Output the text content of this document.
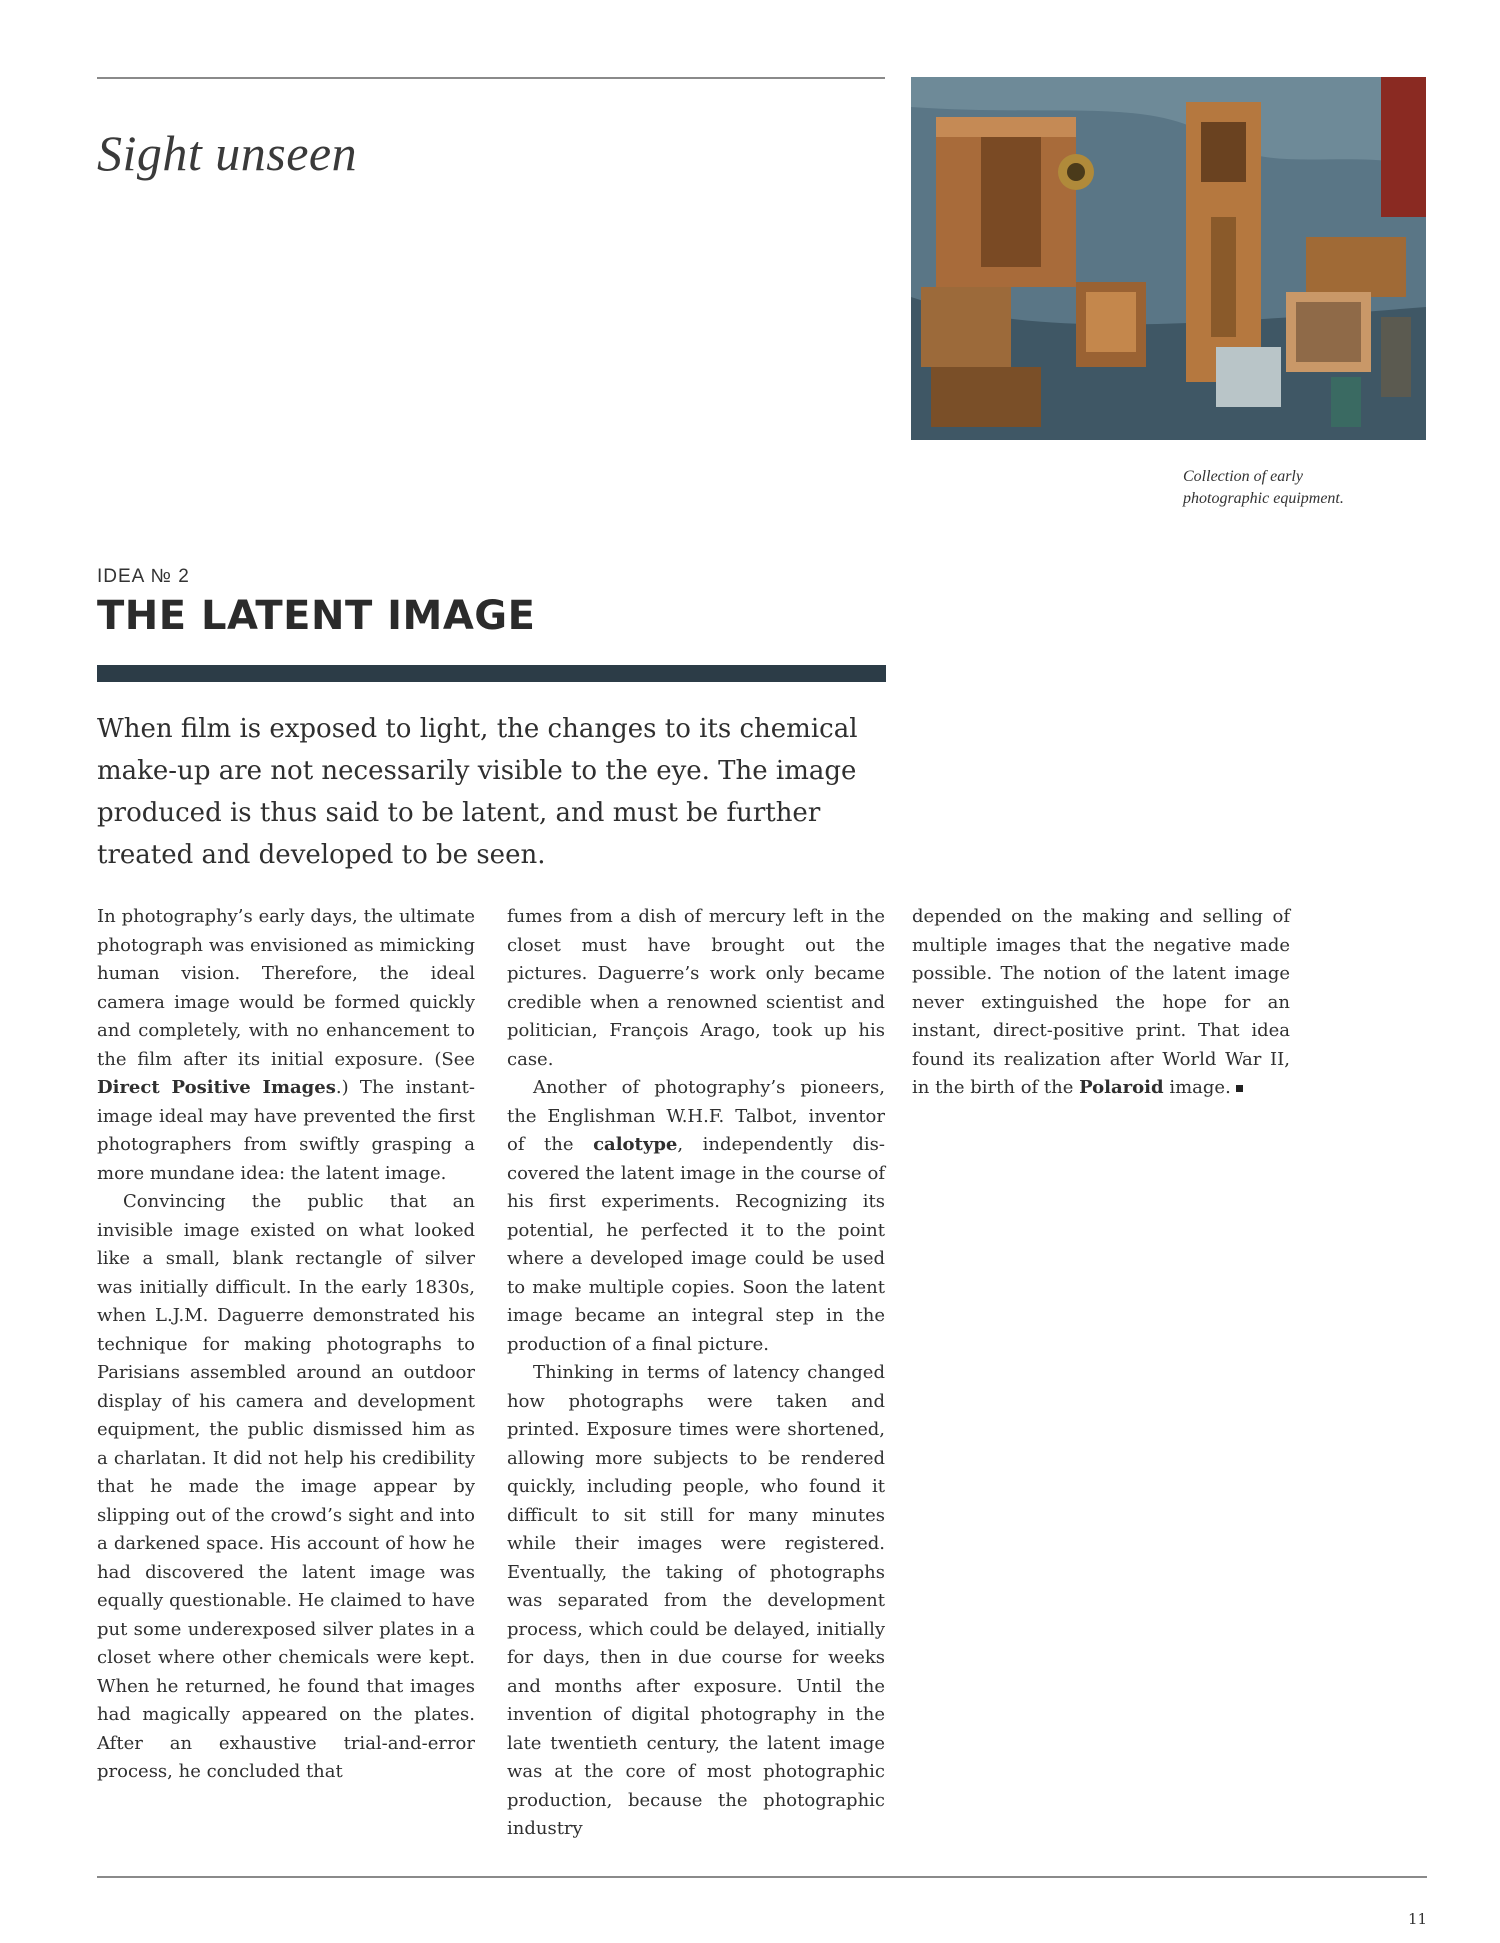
Sight unseen

Collection of early
photographic equipment.

IDEA № 2

THE LATENT IMAGE

When film is exposed to light, the changes to its chemical make-up are not necessarily visible to the eye. The image produced is thus said to be latent, and must be further treated and developed to be seen.

In photography’s early days, the ultimate photograph was envisioned as mimicking human vision. Therefore, the ideal camera image would be formed quickly and completely, with no enhancement to the film after its initial exposure. (See Direct Positive Images.) The instant-image ideal may have prevented the first photographers from swiftly grasping a more mundane idea: the latent image.

Convincing the public that an invisible image existed on what looked like a small, blank rectangle of silver was initially difficult. In the early 1830s, when L.J.M. Daguerre demonstrated his technique for making photographs to Parisians assembled around an outdoor display of his camera and development equipment, the public dismissed him as a charlatan. It did not help his credibility that he made the image appear by slipping out of the crowd’s sight and into a darkened space. His account of how he had discovered the latent image was equally questionable. He claimed to have put some underexposed silver plates in a closet where other chemicals were kept. When he returned, he found that images had magically appeared on the plates. After an exhaustive trial-and-error process, he concluded that

fumes from a dish of mercury left in the closet must have brought out the pictures. Daguerre’s work only became credible when a renowned scientist and politician, François Arago, took up his case.

Another of photography’s pioneers, the Englishman W.H.F. Talbot, inventor of the calotype, independently discovered the latent image in the course of his first experiments. Recognizing its potential, he perfected it to the point where a developed image could be used to make multiple copies. Soon the latent image became an integral step in the production of a final picture.

Thinking in terms of latency changed how photographs were taken and printed. Exposure times were shortened, allowing more subjects to be rendered quickly, including people, who found it difficult to sit still for many minutes while their images were registered. Eventually, the taking of photographs was separated from the development process, which could be delayed, initially for days, then in due course for weeks and months after exposure. Until the invention of digital photography in the late twentieth century, the latent image was at the core of most photographic production, because the photographic industry

depended on the making and selling of multiple images that the negative made possible. The notion of the latent image never extinguished the hope for an instant, direct-positive print. That idea found its realization after World War II, in the birth of the Polaroid image.

11
